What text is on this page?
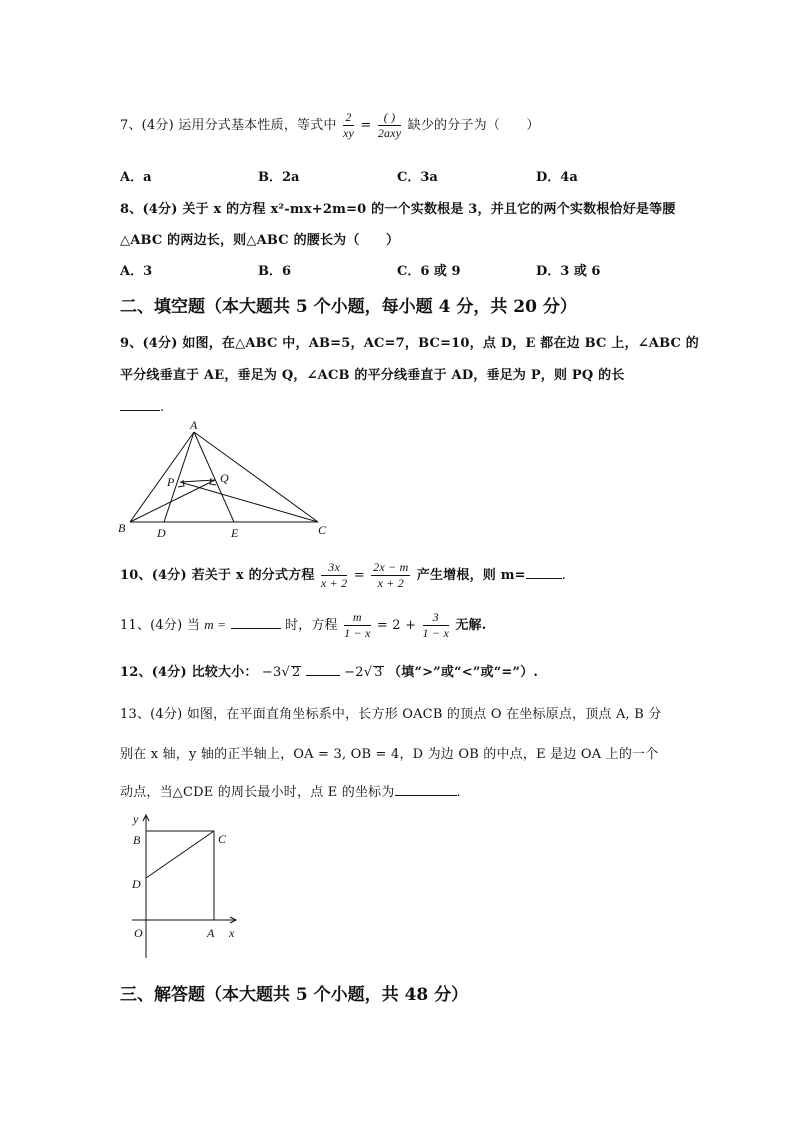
7、(4分) 运用分式基本性质，等式中 $\frac{2}{xy} = \frac{( )}{\text{2axy}}$ 缺少的分子为（　　）
A．a	B．2a	C．3a	D．4a
8、(4分) 关于 x 的方程 x²-mx+2m=0 的一个实数根是 3，并且它的两个实数根恰好是等腰
△ABC 的两边长，则△ABC 的腰长为（　　）
A．3	B．6	C．6 或 9	D．3 或 6
二、填空题（本大题共 5 个小题，每小题 4 分，共 20 分）
9、(4分) 如图，在△ABC 中，AB=5，AC=7，BC=10，点 D，E 都在边 BC 上，∠ABC 的
平分线垂直于 AE，垂足为 Q，∠ACB 的平分线垂直于 AD，垂足为 P，则 PQ 的长
.
A
P	Q
B	D	E	C
10、(4分) 若关于 x 的分式方程 $\frac{3x}{x + 2} = \frac{2x - m}{x + 2}$ 产生增根，则 m=	.
11、(4分) 当 m =	时，方程 $\frac{m}{1 - x} = 2 + \frac{3}{1 - x}$ 无解.
12、(4分) 比较大小： −3√ 2	−2√ 3 （填“>”或“<”或“=”）.
13、(4分) 如图，在平面直角坐标系中，长方形 OACB 的顶点 O 在坐标原点，顶点 A, B 分
别在 x 轴，y 轴的正半轴上，OA = 3, OB = 4，D 为边 OB 的中点，E 是边 OA 上的一个
动点，当△CDE 的周长最小时，点 E 的坐标为	.
y
B	C
D
O	A x
三、解答题（本大题共 5 个小题，共 48 分）
